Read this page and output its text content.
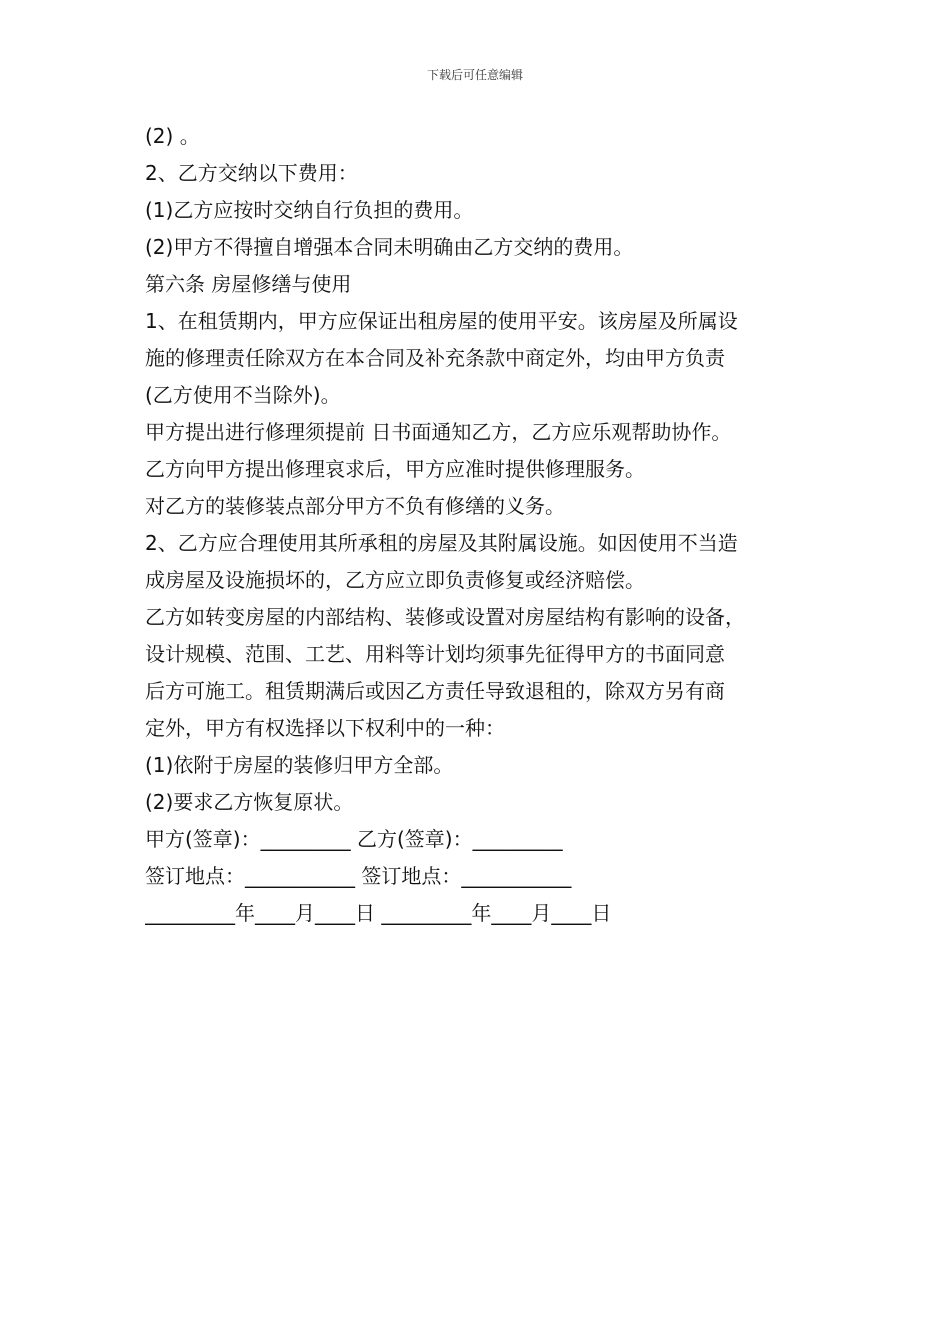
下载后可任意编辑
(2) 。
2、乙方交纳以下费用：
(1)乙方应按时交纳自行负担的费用。
(2)甲方不得擅自增强本合同未明确由乙方交纳的费用。
第六条 房屋修缮与使用
1、在租赁期内，甲方应保证出租房屋的使用平安。该房屋及所属设
施的修理责任除双方在本合同及补充条款中商定外，均由甲方负责
(乙方使用不当除外)。
甲方提出进行修理须提前 日书面通知乙方，乙方应乐观帮助协作。
乙方向甲方提出修理哀求后，甲方应准时提供修理服务。
对乙方的装修装点部分甲方不负有修缮的义务。
2、乙方应合理使用其所承租的房屋及其附属设施。如因使用不当造
成房屋及设施损坏的，乙方应立即负责修复或经济赔偿。
乙方如转变房屋的内部结构、装修或设置对房屋结构有影响的设备，
设计规模、范围、工艺、用料等计划均须事先征得甲方的书面同意
后方可施工。租赁期满后或因乙方责任导致退租的，除双方另有商
定外，甲方有权选择以下权利中的一种：
(1)依附于房屋的装修归甲方全部。
(2)要求乙方恢复原状。
甲方(签章)：_________ 乙方(签章)：_________
签订地点：___________ 签订地点：___________
_________年____月____日 _________年____月____日
